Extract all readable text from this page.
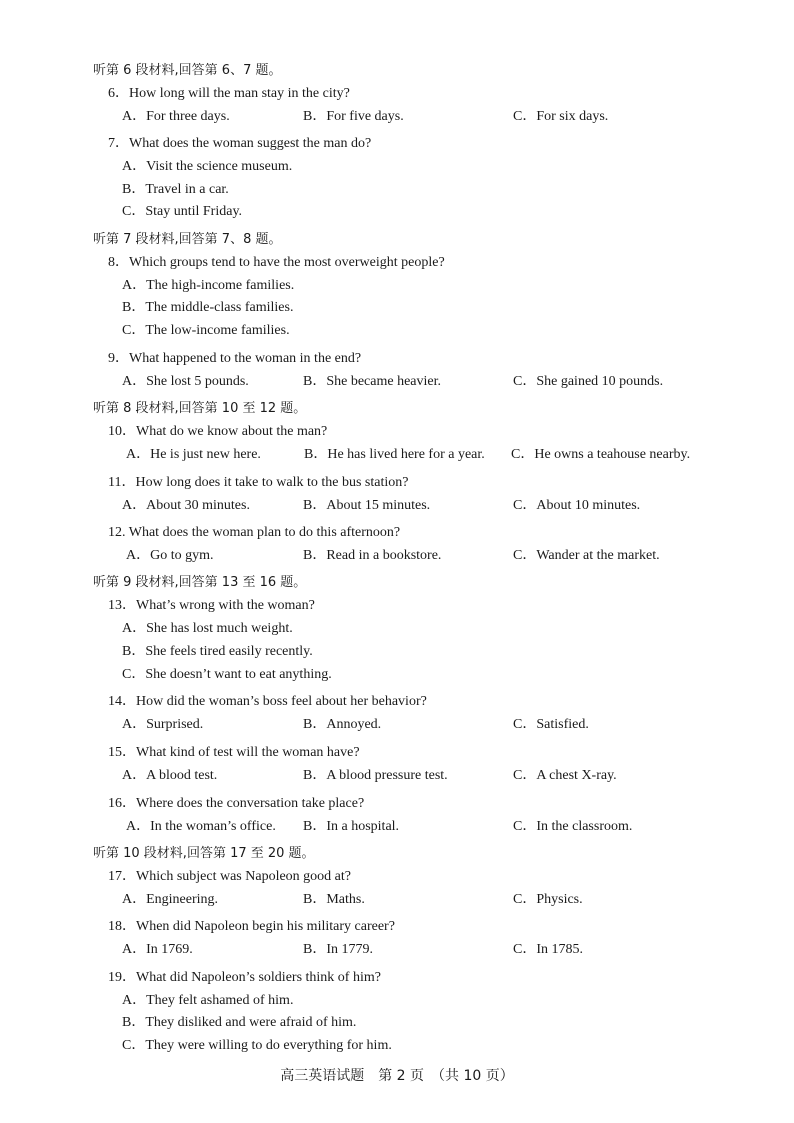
听第 6 段材料,回答第 6、7 题。
6．How long will the man stay in the city?
A．For three days.	B．For five days.	C．For six days.
7．What does the woman suggest the man do?
A．Visit the science museum.
B．Travel in a car.
C．Stay until Friday.
听第 7 段材料,回答第 7、8 题。
8．Which groups tend to have the most overweight people?
A．The high-income families.
B．The middle-class families.
C．The low-income families.
9．What happened to the woman in the end?
A．She lost 5 pounds.	B．She became heavier.	C．She gained 10 pounds.
听第 8 段材料,回答第 10 至 12 题。
10．What do we know about the man?
A．He is just new here.	B．He has lived here for a year. C．He owns a teahouse nearby.
11．How long does it take to walk to the bus station?
A．About 30 minutes.	B．About 15 minutes.	C．About 10 minutes.
12. What does the woman plan to do this afternoon?
A．Go to gym.	B．Read in a bookstore.	C．Wander at the market.
听第 9 段材料,回答第 13 至 16 题。
13．What’s wrong with the woman?
A．She has lost much weight.
B．She feels tired easily recently.
C．She doesn’t want to eat anything.
14．How did the woman’s boss feel about her behavior?
A．Surprised.	B．Annoyed.	C．Satisfied.
15．What kind of test will the woman have?
A．A blood test.	B．A blood pressure test.	C．A chest X-ray.
16．Where does the conversation take place?
A．In the woman’s office. B．In a hospital.	C．In the classroom.
听第 10 段材料,回答第 17 至 20 题。
17．Which subject was Napoleon good at?
A．Engineering.	B．Maths.	C．Physics.
18．When did Napoleon begin his military career?
A．In 1769.	B．In 1779.	C．In 1785.
19．What did Napoleon’s soldiers think of him?
A．They felt ashamed of him.
B．They disliked and were afraid of him.
C．They were willing to do everything for him.
高三英语试题　第 2 页　（共 10 页）
